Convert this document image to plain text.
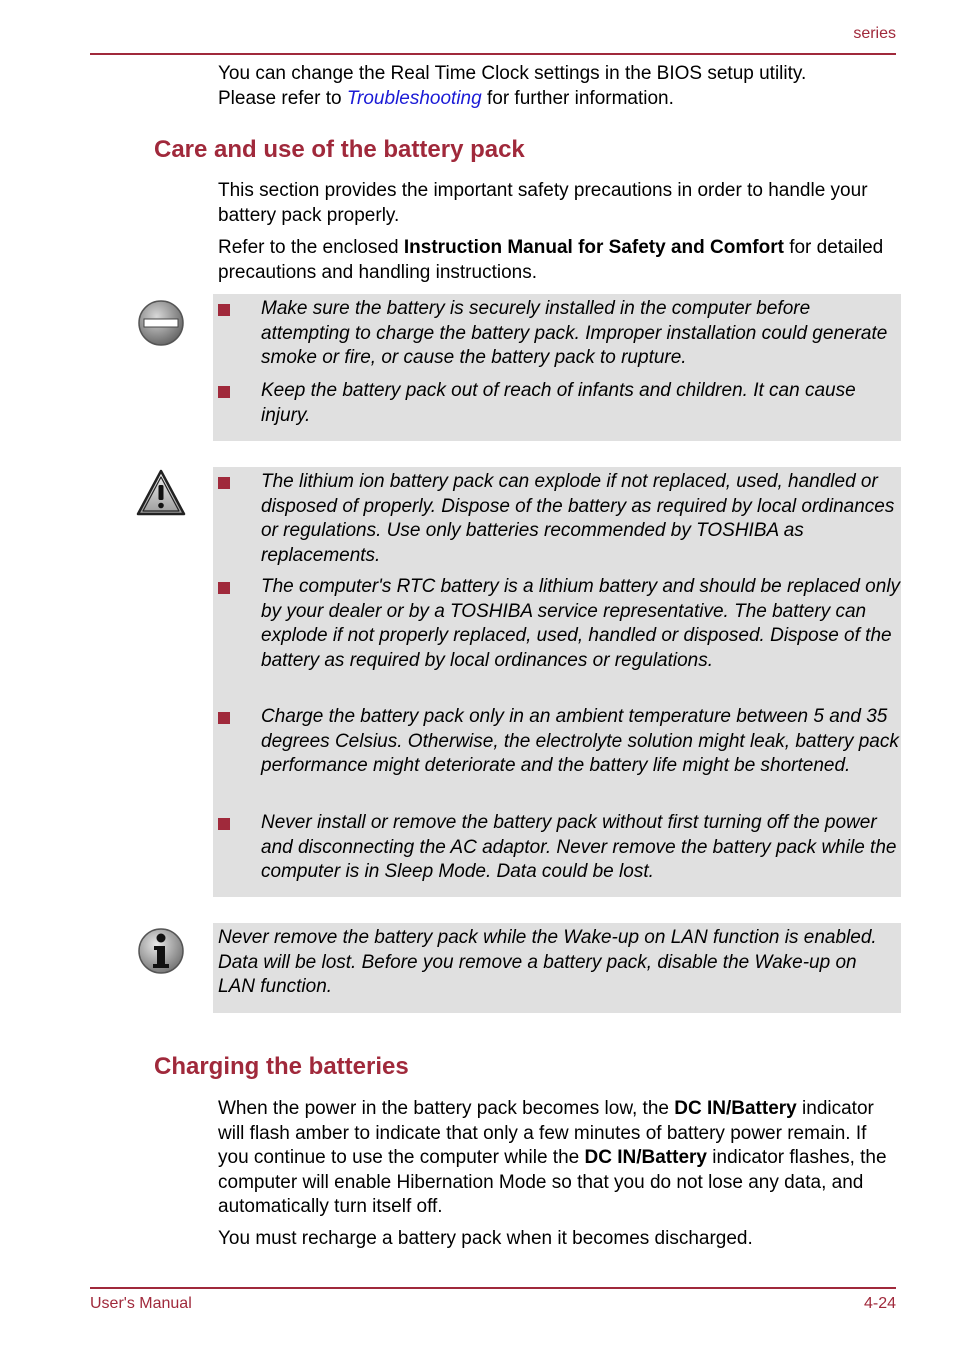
series

You can change the Real Time Clock settings in the BIOS setup utility.
Please refer to Troubleshooting for further information.

Care and use of the battery pack

This section provides the important safety precautions in order to handle your battery pack properly.

Refer to the enclosed Instruction Manual for Safety and Comfort for detailed precautions and handling instructions.

Make sure the battery is securely installed in the computer before attempting to charge the battery pack. Improper installation could generate smoke or fire, or cause the battery pack to rupture.
Keep the battery pack out of reach of infants and children. It can cause injury.
The lithium ion battery pack can explode if not replaced, used, handled or disposed of properly. Dispose of the battery as required by local ordinances or regulations. Use only batteries recommended by TOSHIBA as replacements.
The computer's RTC battery is a lithium battery and should be replaced only by your dealer or by a TOSHIBA service representative. The battery can explode if not properly replaced, used, handled or disposed. Dispose of the battery as required by local ordinances or regulations.
Charge the battery pack only in an ambient temperature between 5 and 35 degrees Celsius. Otherwise, the electrolyte solution might leak, battery pack performance might deteriorate and the battery life might be shortened.
Never install or remove the battery pack without first turning off the power and disconnecting the AC adaptor. Never remove the battery pack while the computer is in Sleep Mode. Data could be lost.
Never remove the battery pack while the Wake-up on LAN function is enabled. Data will be lost. Before you remove a battery pack, disable the Wake-up on LAN function.
Charging the batteries

When the power in the battery pack becomes low, the DC IN/Battery indicator will flash amber to indicate that only a few minutes of battery power remain. If you continue to use the computer while the DC IN/Battery indicator flashes, the computer will enable Hibernation Mode so that you do not lose any data, and automatically turn itself off.

You must recharge a battery pack when it becomes discharged.

User's Manual	4-24
